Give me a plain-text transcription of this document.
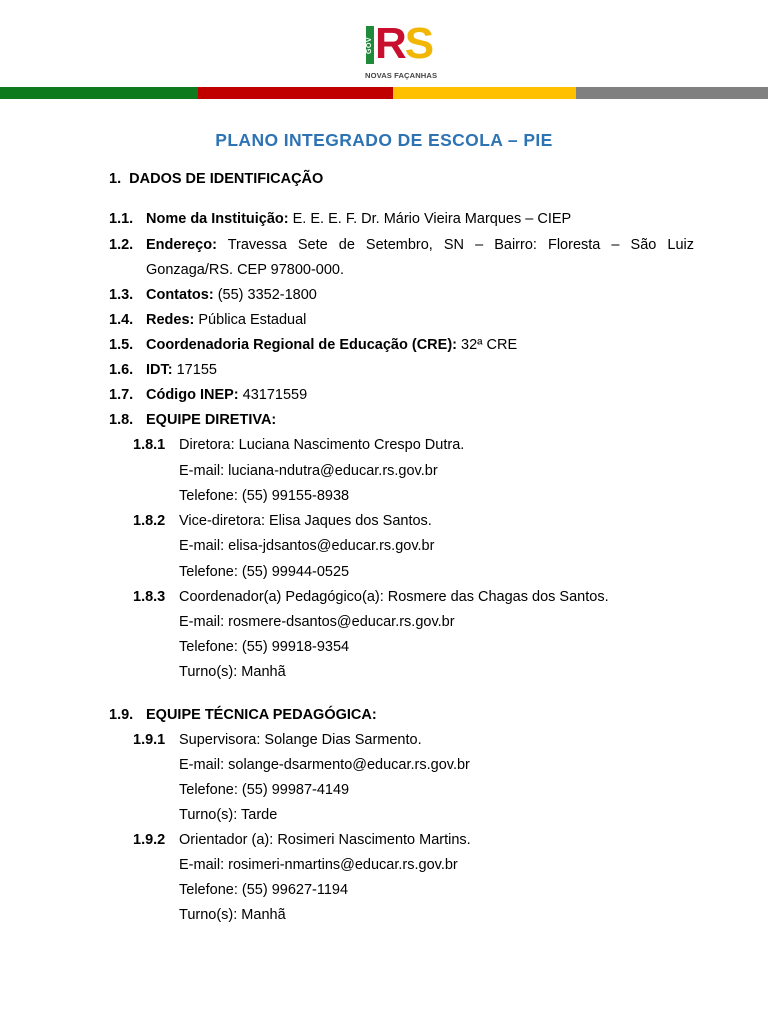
GOV RS
NOVAS FAÇANHAS
PLANO INTEGRADO DE ESCOLA – PIE
1. DADOS DE IDENTIFICAÇÃO
1.1. Nome da Instituição: E. E. E. F. Dr. Mário Vieira Marques – CIEP
1.2. Endereço: Travessa Sete de Setembro, SN – Bairro: Floresta – São Luiz
Gonzaga/RS. CEP 97800-000.
1.3. Contatos: (55) 3352-1800
1.4. Redes: Pública Estadual
1.5. Coordenadoria Regional de Educação (CRE): 32ª CRE
1.6. IDT: 17155
1.7. Código INEP: 43171559
1.8. EQUIPE DIRETIVA:
1.8.1 Diretora: Luciana Nascimento Crespo Dutra.
E-mail: luciana-ndutra@educar.rs.gov.br
Telefone: (55) 99155-8938
1.8.2 Vice-diretora: Elisa Jaques dos Santos.
E-mail: elisa-jdsantos@educar.rs.gov.br
Telefone: (55) 99944-0525
1.8.3 Coordenador(a) Pedagógico(a): Rosmere das Chagas dos Santos.
E-mail: rosmere-dsantos@educar.rs.gov.br
Telefone: (55) 99918-9354
Turno(s): Manhã
1.9. EQUIPE TÉCNICA PEDAGÓGICA:
1.9.1 Supervisora: Solange Dias Sarmento.
E-mail: solange-dsarmento@educar.rs.gov.br
Telefone: (55) 99987-4149
Turno(s): Tarde
1.9.2 Orientador (a): Rosimeri Nascimento Martins.
E-mail: rosimeri-nmartins@educar.rs.gov.br
Telefone: (55) 99627-1194
Turno(s): Manhã
